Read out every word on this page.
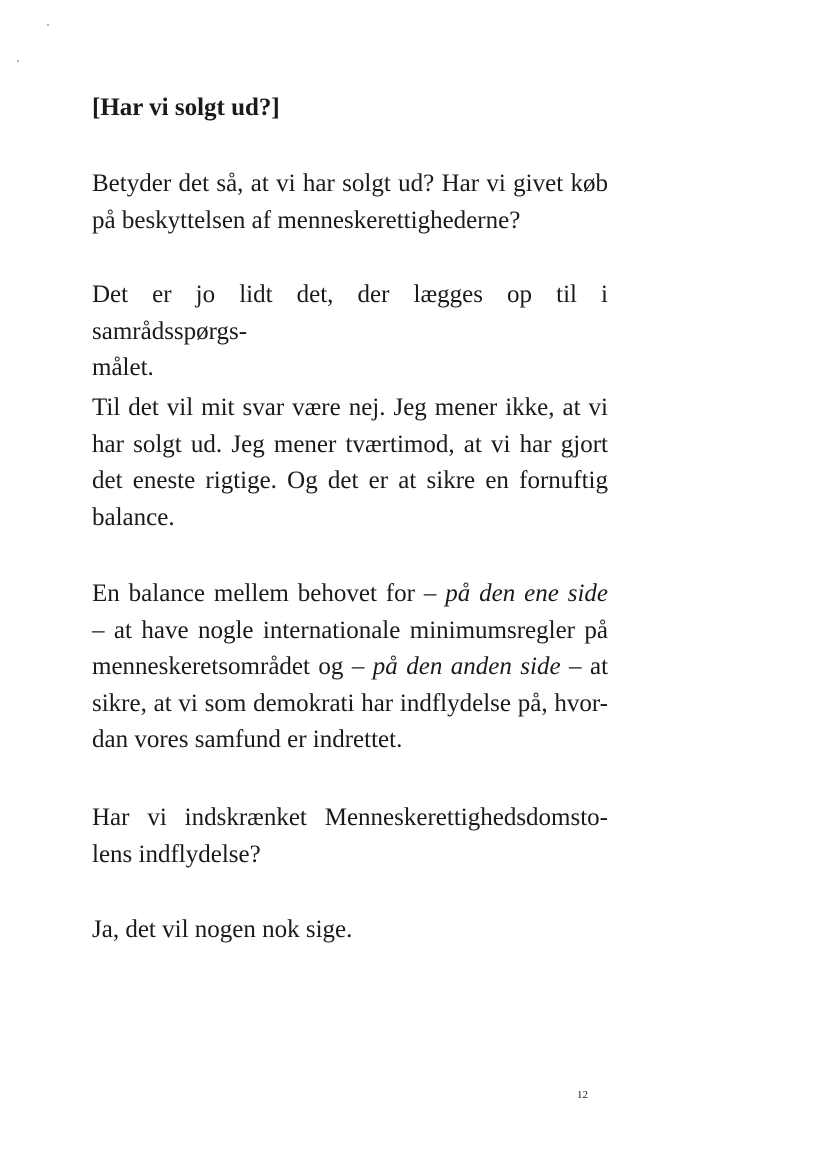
[Har vi solgt ud?]

Betyder det så, at vi har solgt ud? Har vi givet køb
på beskyttelsen af menneskerettighederne?

Det er jo lidt det, der lægges op til i samrådsspørgs-
målet.

Til det vil mit svar være nej. Jeg mener ikke, at vi
har solgt ud. Jeg mener tværtimod, at vi har gjort
det eneste rigtige. Og det er at sikre en fornuftig
balance.

En balance mellem behovet for – på den ene side
– at have nogle internationale minimumsregler på
menneskeretsområdet og – på den anden side – at
sikre, at vi som demokrati har indflydelse på, hvor-
dan vores samfund er indrettet.

Har vi indskrænket Menneskerettighedsdomsto-
lens indflydelse?

Ja, det vil nogen nok sige.

12
